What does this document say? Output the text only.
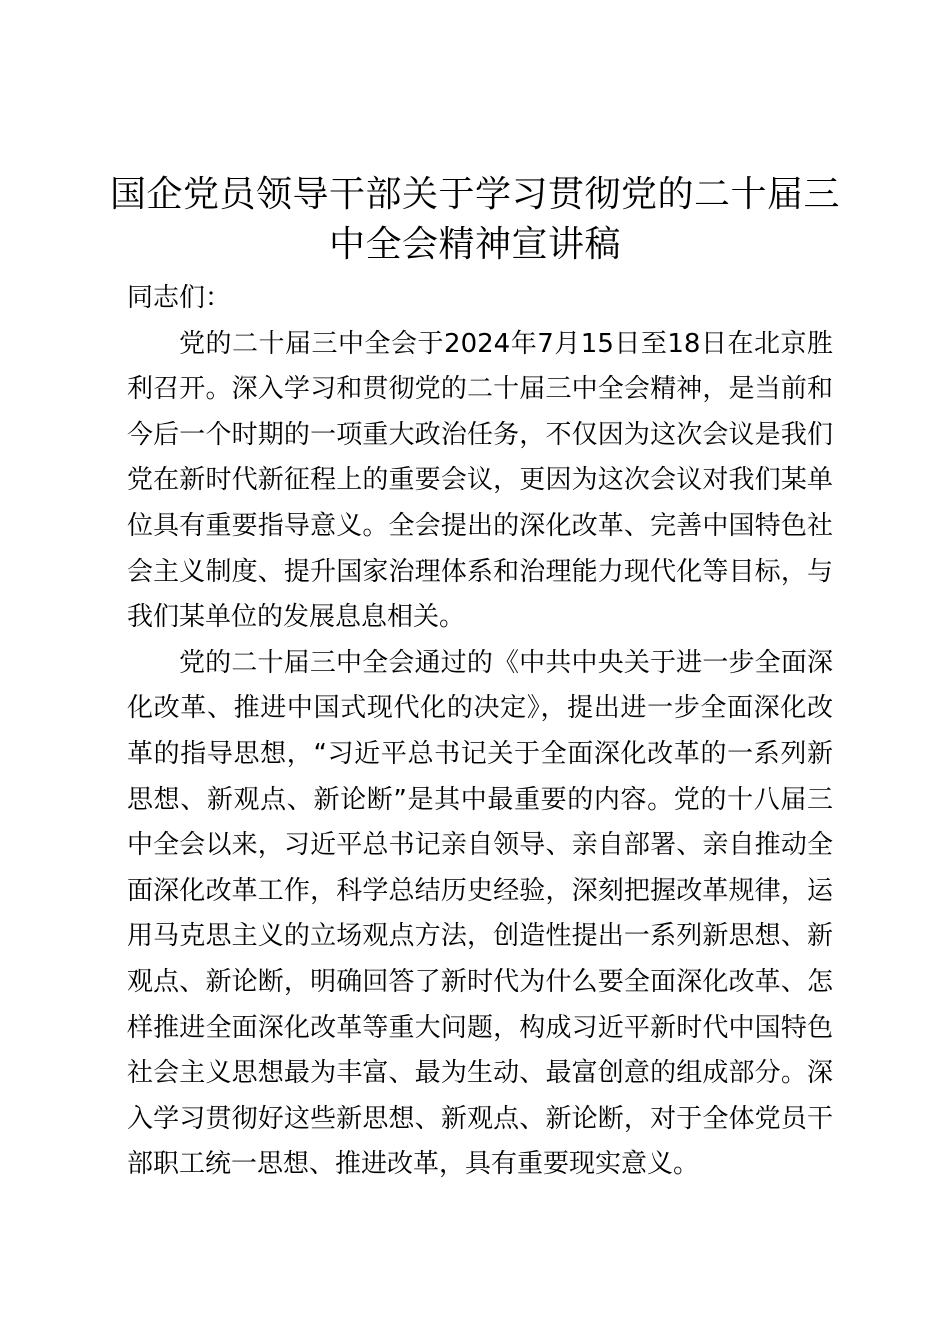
国企党员领导干部关于学习贯彻党的二十届三中全会精神宣讲稿

同志们：

党的二十届三中全会于2024年7月15日至18日在北京胜利召开。深入学习和贯彻党的二十届三中全会精神，是当前和今后一个时期的一项重大政治任务，不仅因为这次会议是我们党在新时代新征程上的重要会议，更因为这次会议对我们某单位具有重要指导意义。全会提出的深化改革、完善中国特色社会主义制度、提升国家治理体系和治理能力现代化等目标，与我们某单位的发展息息相关。

党的二十届三中全会通过的《中共中央关于进一步全面深化改革、推进中国式现代化的决定》，提出进一步全面深化改革的指导思想，“习近平总书记关于全面深化改革的一系列新思想、新观点、新论断”是其中最重要的内容。党的十八届三中全会以来，习近平总书记亲自领导、亲自部署、亲自推动全面深化改革工作，科学总结历史经验，深刻把握改革规律，运用马克思主义的立场观点方法，创造性提出一系列新思想、新观点、新论断，明确回答了新时代为什么要全面深化改革、怎样推进全面深化改革等重大问题，构成习近平新时代中国特色社会主义思想最为丰富、最为生动、最富创意的组成部分。深入学习贯彻好这些新思想、新观点、新论断，对于全体党员干部职工统一思想、推进改革，具有重要现实意义。
